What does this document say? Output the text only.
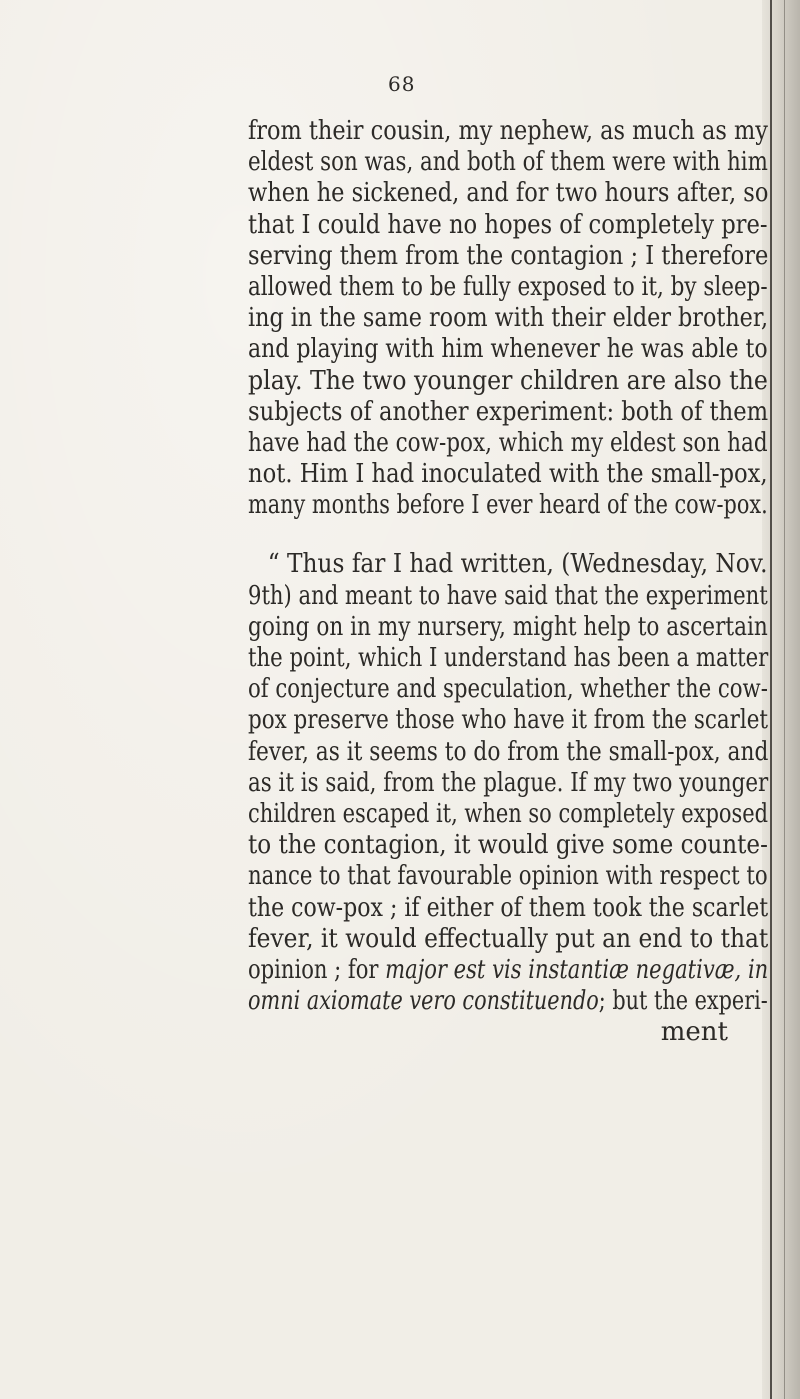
68
from their cousin, my nephew, as much as my
eldest son was, and both of them were with him
when he sickened, and for two hours after, so
that I could have no hopes of completely pre-
serving them from the contagion ; I therefore
allowed them to be fully exposed to it, by sleep-
ing in the same room with their elder brother,
and playing with him whenever he was able to
play. The two younger children are also the
subjects of another experiment: both of them
have had the cow-pox, which my eldest son had
not. Him I had inoculated with the small-pox,
many months before I ever heard of the cow-pox.
“ Thus far I had written, (Wednesday, Nov.
9th) and meant to have said that the experiment
going on in my nursery, might help to ascertain
the point, which I understand has been a matter
of conjecture and speculation, whether the cow-
pox preserve those who have it from the scarlet
fever, as it seems to do from the small-pox, and
as it is said, from the plague. If my two younger
children escaped it, when so completely exposed
to the contagion, it would give some counte-
nance to that favourable opinion with respect to
the cow-pox ; if either of them took the scarlet
fever, it would effectually put an end to that
opinion ; for major est vis instantiæ negativæ, in
omni axiomate vero constituendo; but the experi-
ment
